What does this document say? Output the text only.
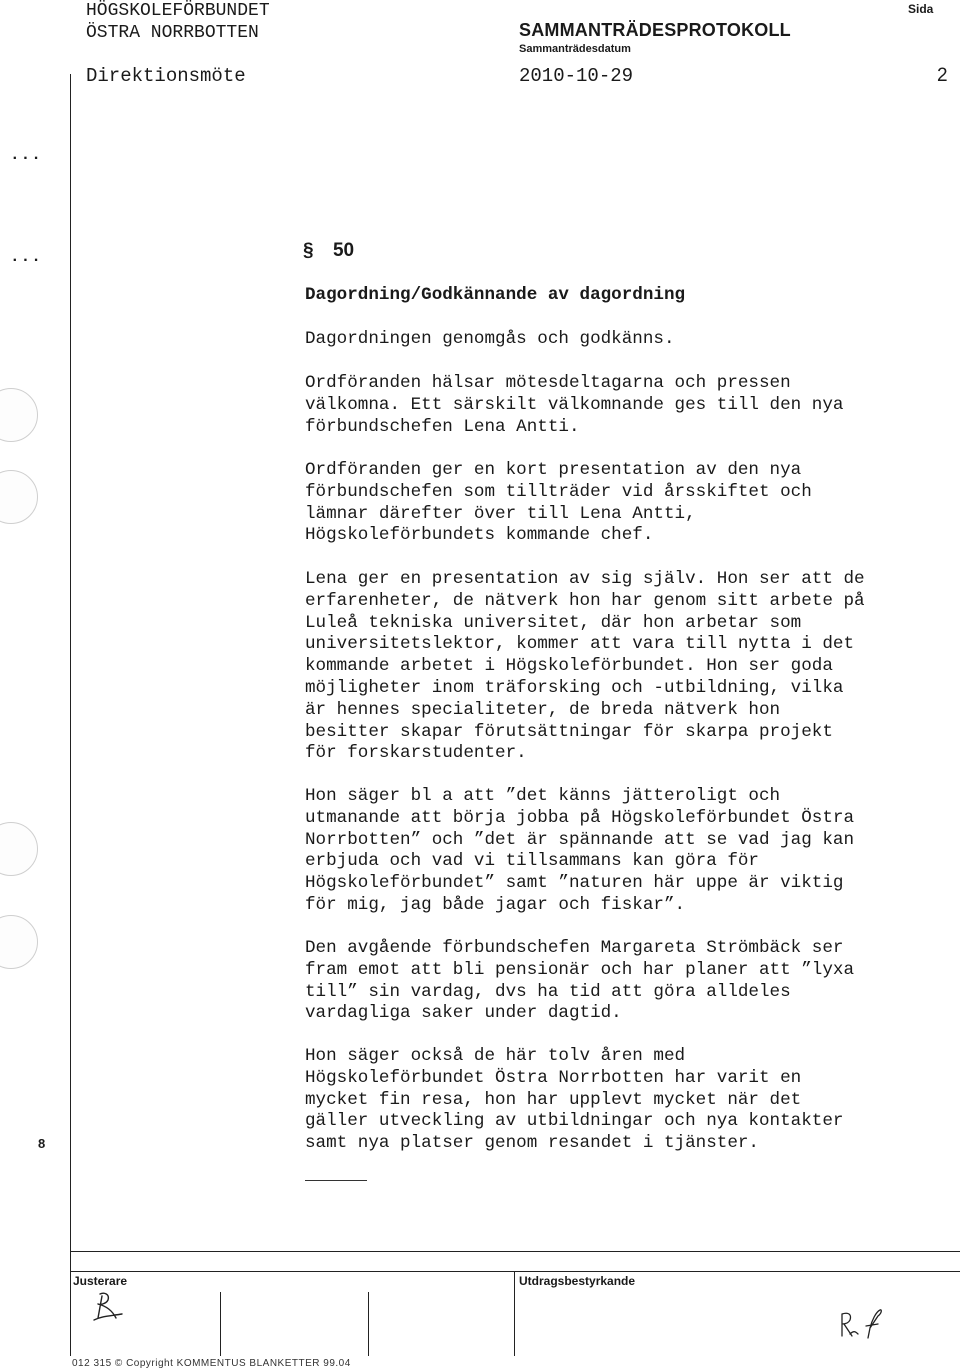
HÖGSKOLEFÖRBUNDET
ÖSTRA NORRBOTTEN	SAMMANTRÄDESPROTOKOLL
Sammanträdesdatum
Sida
Direktionsmöte	2010-10-29	2
...
...
8
§ 50
Dagordning/Godkännande av dagordning
Dagordningen genomgås och godkänns.
Ordföranden hälsar mötesdeltagarna och pressen
välkomna. Ett särskilt välkomnande ges till den nya
förbundschefen Lena Antti.
Ordföranden ger en kort presentation av den nya
förbundschefen som tillträder vid årsskiftet och
lämnar därefter över till Lena Antti,
Högskoleförbundets kommande chef.
Lena ger en presentation av sig själv. Hon ser att de
erfarenheter, de nätverk hon har genom sitt arbete på
Luleå tekniska universitet, där hon arbetar som
universitetslektor, kommer att vara till nytta i det
kommande arbetet i Högskoleförbundet. Hon ser goda
möjligheter inom träforsking och -utbildning, vilka
är hennes specialiteter, de breda nätverk hon
besitter skapar förutsättningar för skarpa projekt
för forskarstudenter.
Hon säger bl a att ”det känns jätteroligt och
utmanande att börja jobba på Högskoleförbundet Östra
Norrbotten” och ”det är spännande att se vad jag kan
erbjuda och vad vi tillsammans kan göra för
Högskoleförbundet” samt ”naturen här uppe är viktig
för mig, jag både jagar och fiskar”.
Den avgående förbundschefen Margareta Strömbäck ser
fram emot att bli pensionär och har planer att ”lyxa
till” sin vardag, dvs ha tid att göra alldeles
vardagliga saker under dagtid.
Hon säger också de här tolv åren med
Högskoleförbundet Östra Norrbotten har varit en
mycket fin resa, hon har upplevt mycket när det
gäller utveckling av utbildningar och nya kontakter
samt nya platser genom resandet i tjänster.
Justerare	Utdragsbestyrkande
012 315 © Copyright KOMMENTUS BLANKETTER 99.04
